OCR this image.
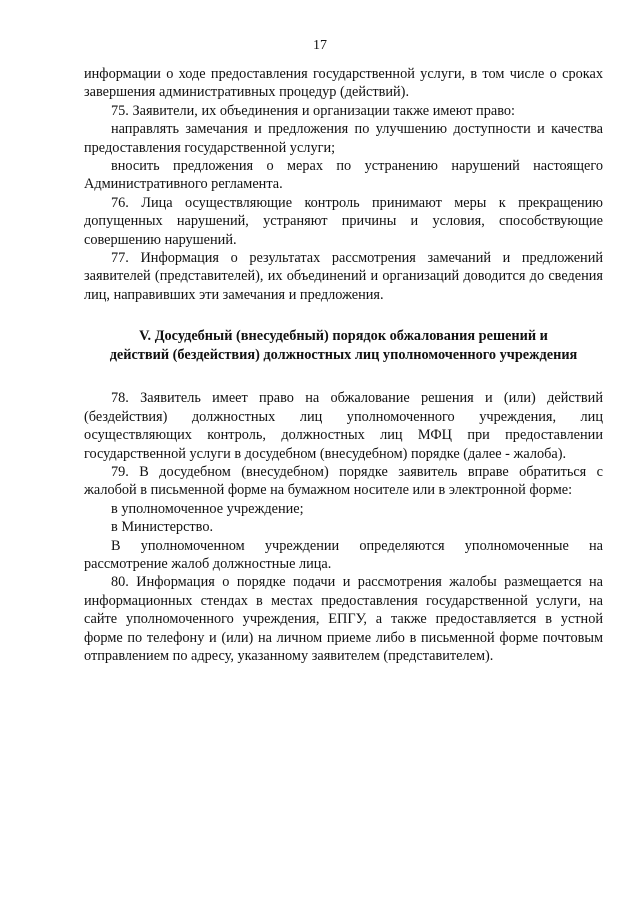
17

информации о ходе предоставления государственной услуги, в том числе о сроках завершения административных процедур (действий).

75. Заявители, их объединения и организации также имеют право:

направлять замечания и предложения по улучшению доступности и качества предоставления государственной услуги;

вносить предложения о мерах по устранению нарушений настоящего Административного регламента.

76. Лица осуществляющие контроль принимают меры к прекращению допущенных нарушений, устраняют причины и условия, способствующие совершению нарушений.

77. Информация о результатах рассмотрения замечаний и предложений заявителей (представителей), их объединений и организаций доводится до сведения лиц, направивших эти замечания и предложения.

V. Досудебный (внесудебный) порядок обжалования решений и
действий (бездействия) должностных лиц уполномоченного учреждения

78. Заявитель имеет право на обжалование решения и (или) действий (бездействия) должностных лиц уполномоченного учреждения, лиц осуществляющих контроль, должностных лиц МФЦ при предоставлении государственной услуги в досудебном (внесудебном) порядке (далее - жалоба).

79. В досудебном (внесудебном) порядке заявитель вправе обратиться с жалобой в письменной форме на бумажном носителе или в электронной форме:

в уполномоченное учреждение;

в Министерство.

В уполномоченном учреждении определяются уполномоченные на рассмотрение жалоб должностные лица.

80. Информация о порядке подачи и рассмотрения жалобы размещается на информационных стендах в местах предоставления государственной услуги, на сайте уполномоченного учреждения, ЕПГУ, а также предоставляется в устной форме по телефону и (или) на личном приеме либо в письменной форме почтовым отправлением по адресу, указанному заявителем (представителем).
